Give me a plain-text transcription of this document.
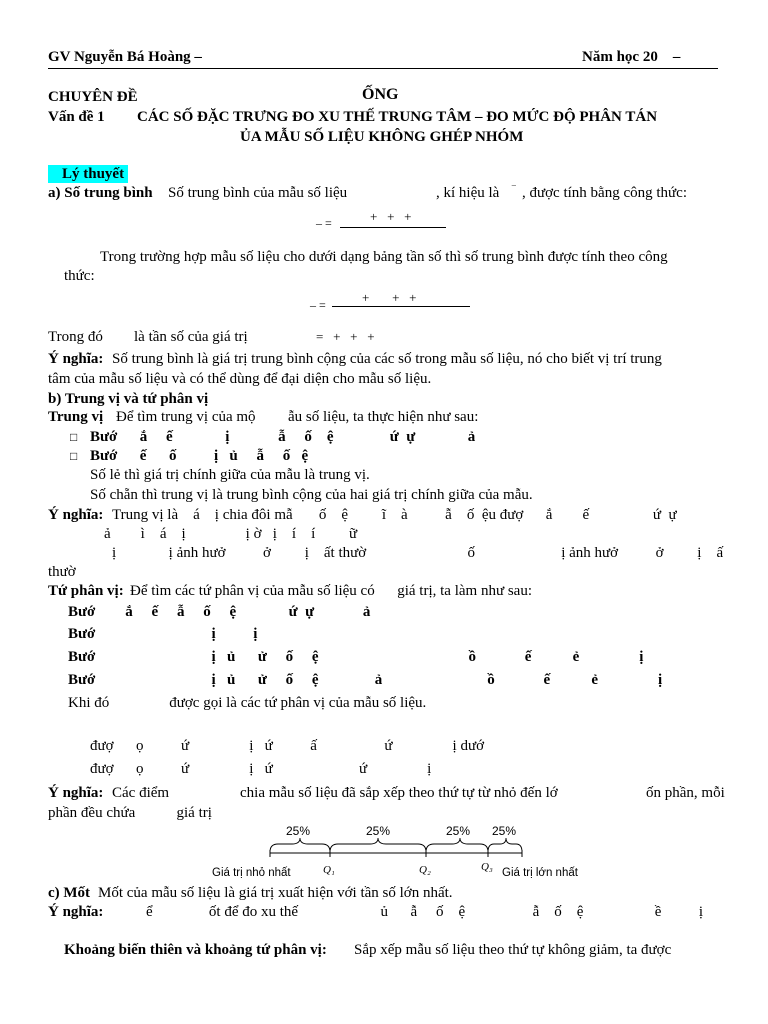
GV Nguyễn Bá Hoàng –	Năm học 20    –
CHUYÊN ĐỀ	ỐNG
Vấn đề 1 CÁC SỐ ĐẶC TRƯNG ĐO XU THẾ TRUNG TÂM – ĐO MỨC ĐỘ PHÂN TÁN
ỦA MẪU SỐ LIỆU KHÔNG GHÉP NHÓM
Lý thuyết
a) Số trung bình Số trung bình của mẫu số liệu	, kí hiệu là ‾ , được tính bằng công thức:
– =	+   +   +
Trong trường hợp mẫu số liệu cho dưới dạng bảng tần số thì số trung bình được tính theo công
thức:
– =	+       +   +
Trong đó là tần số của giá trị	=   +   +   +
Ý nghĩa: Số trung bình là giá trị trung bình cộng của các số trong mẫu số liệu, nó cho biết vị trí trung
tâm của mẫu số liệu và có thể dùng để đại diện cho mẫu số liệu.
b) Trung vị và tứ phân vị
Trung vị Để tìm trung vị của mộ ẫu số liệu, ta thực hiện như sau:
□ Bướ      ắ     ế              ị             ẫ     ố    ệ               ứ  ự              ả
□ Bướ      ế      ố          ị   ủ     ẫ     ố   ệ
Số lẻ thì giá trị chính giữa của mẫu là trung vị.
Số chẵn thì trung vị là trung bình cộng của hai giá trị chính giữa của mẫu.
Ý nghĩa: Trung vị là    á    ị chia đôi mẫ       ố    ệ         ĩ    à          ẫ    ố  ệu đượ      ắ        ế                 ứ  ự
ả        ì    á    ị                ị ờ   ị    í    í         ữ
ị              ị ảnh hưở          ở         ị    ất thườ                           ố                       ị ảnh hưở          ở         ị    ấ
thườ
Tứ phân vị: Để tìm các tứ phân vị của mẫu số liệu có      giá trị, ta làm như sau:
Bướ        ắ     ế     ẫ     ố     ệ              ứ  ự             ả
Bướ                               ị          ị
Bướ                               ị   ủ      ử     ố     ệ                                        ồ             ế           ẻ                ị
Bướ                               ị   ủ      ử     ố     ệ               ả                            ồ             ế           ẻ                ị
Khi đó                được gọi là các tứ phân vị của mẫu số liệu.
đượ      ọ          ứ                ị   ứ          ấ                  ứ                ị dướ
đượ      ọ          ứ                ị   ứ                       ứ                ị
Ý nghĩa: Các điểm	chia mẫu số liệu đã sắp xếp theo thứ tự từ nhỏ đến lớ	ốn phần, mỗi
phần đều chứa           giá trị
25%	25%	25% 25%
Giá trị nhỏ nhất	Q₁	Q₂	Q₃ Giá trị lớn nhất
c) Mốt Mốt của mẫu số liệu là giá trị xuất hiện với tần số lớn nhất.
Ý nghĩa:	ể               ốt để đo xu thế                      ủ      ẫ     ố    ệ                  ẫ    ố    ệ                   ề          ị
Khoảng biến thiên và khoảng tứ phân vị: Sắp xếp mẫu số liệu theo thứ tự không giảm, ta được
